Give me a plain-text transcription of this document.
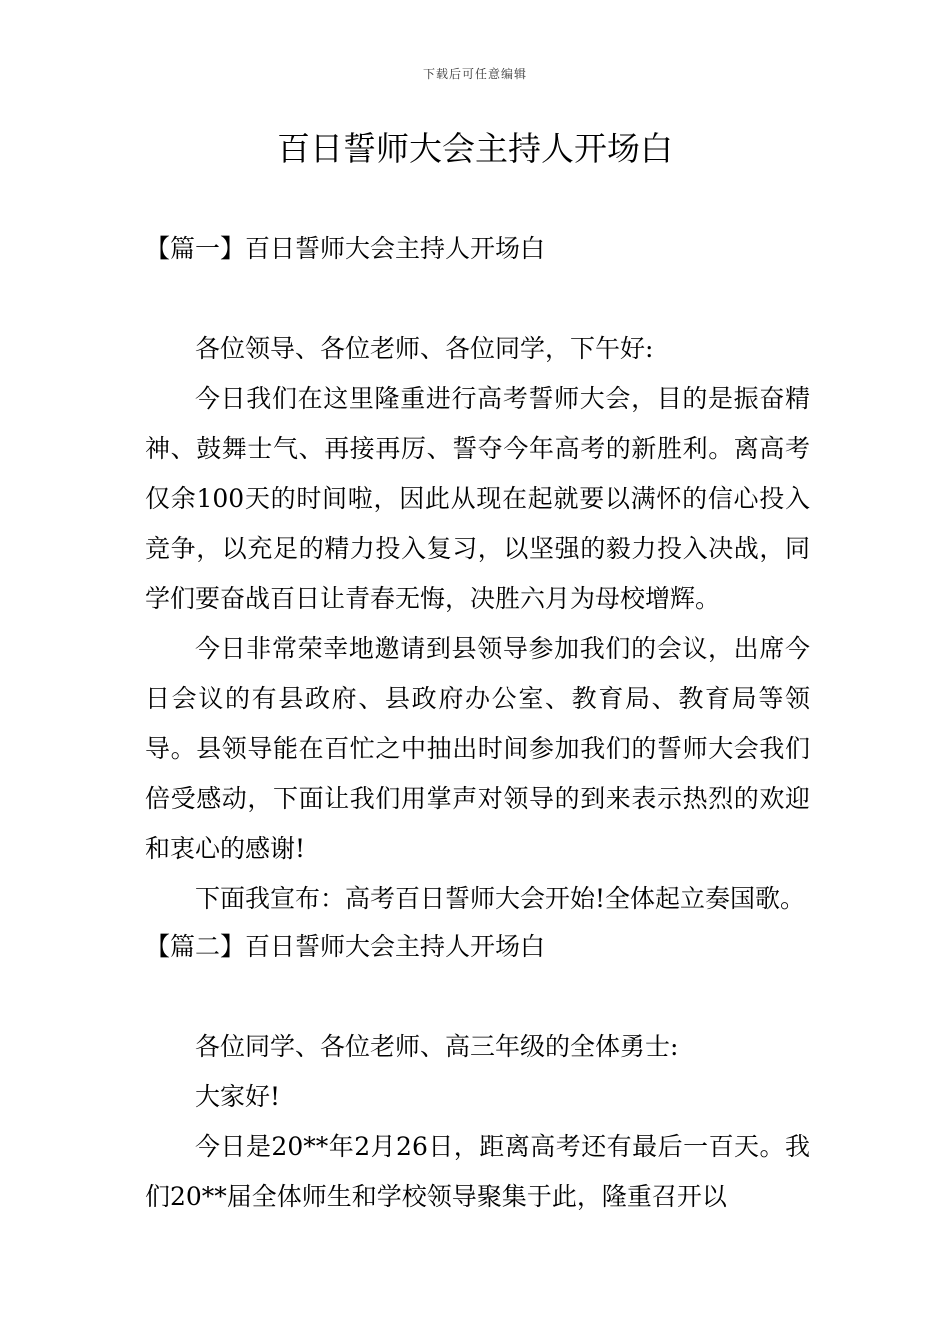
下载后可任意编辑
百日誓师大会主持人开场白
【篇一】百日誓师大会主持人开场白

各位领导、各位老师、各位同学，下午好:

今日我们在这里隆重进行高考誓师大会，目的是振奋精神、鼓舞士气、再接再厉、誓夺今年高考的新胜利。离高考仅余100天的时间啦，因此从现在起就要以满怀的信心投入竞争，以充足的精力投入复习，以坚强的毅力投入决战，同学们要奋战百日让青春无悔，决胜六月为母校增辉。

今日非常荣幸地邀请到县领导参加我们的会议，出席今日会议的有县政府、县政府办公室、教育局、教育局等领导。县领导能在百忙之中抽出时间参加我们的誓师大会我们倍受感动，下面让我们用掌声对领导的到来表示热烈的欢迎和衷心的感谢!

下面我宣布：高考百日誓师大会开始!全体起立奏国歌。

【篇二】百日誓师大会主持人开场白

各位同学、各位老师、高三年级的全体勇士:

大家好!

今日是20**年2月26日，距离高考还有最后一百天。我们20**届全体师生和学校领导聚集于此，隆重召开以
